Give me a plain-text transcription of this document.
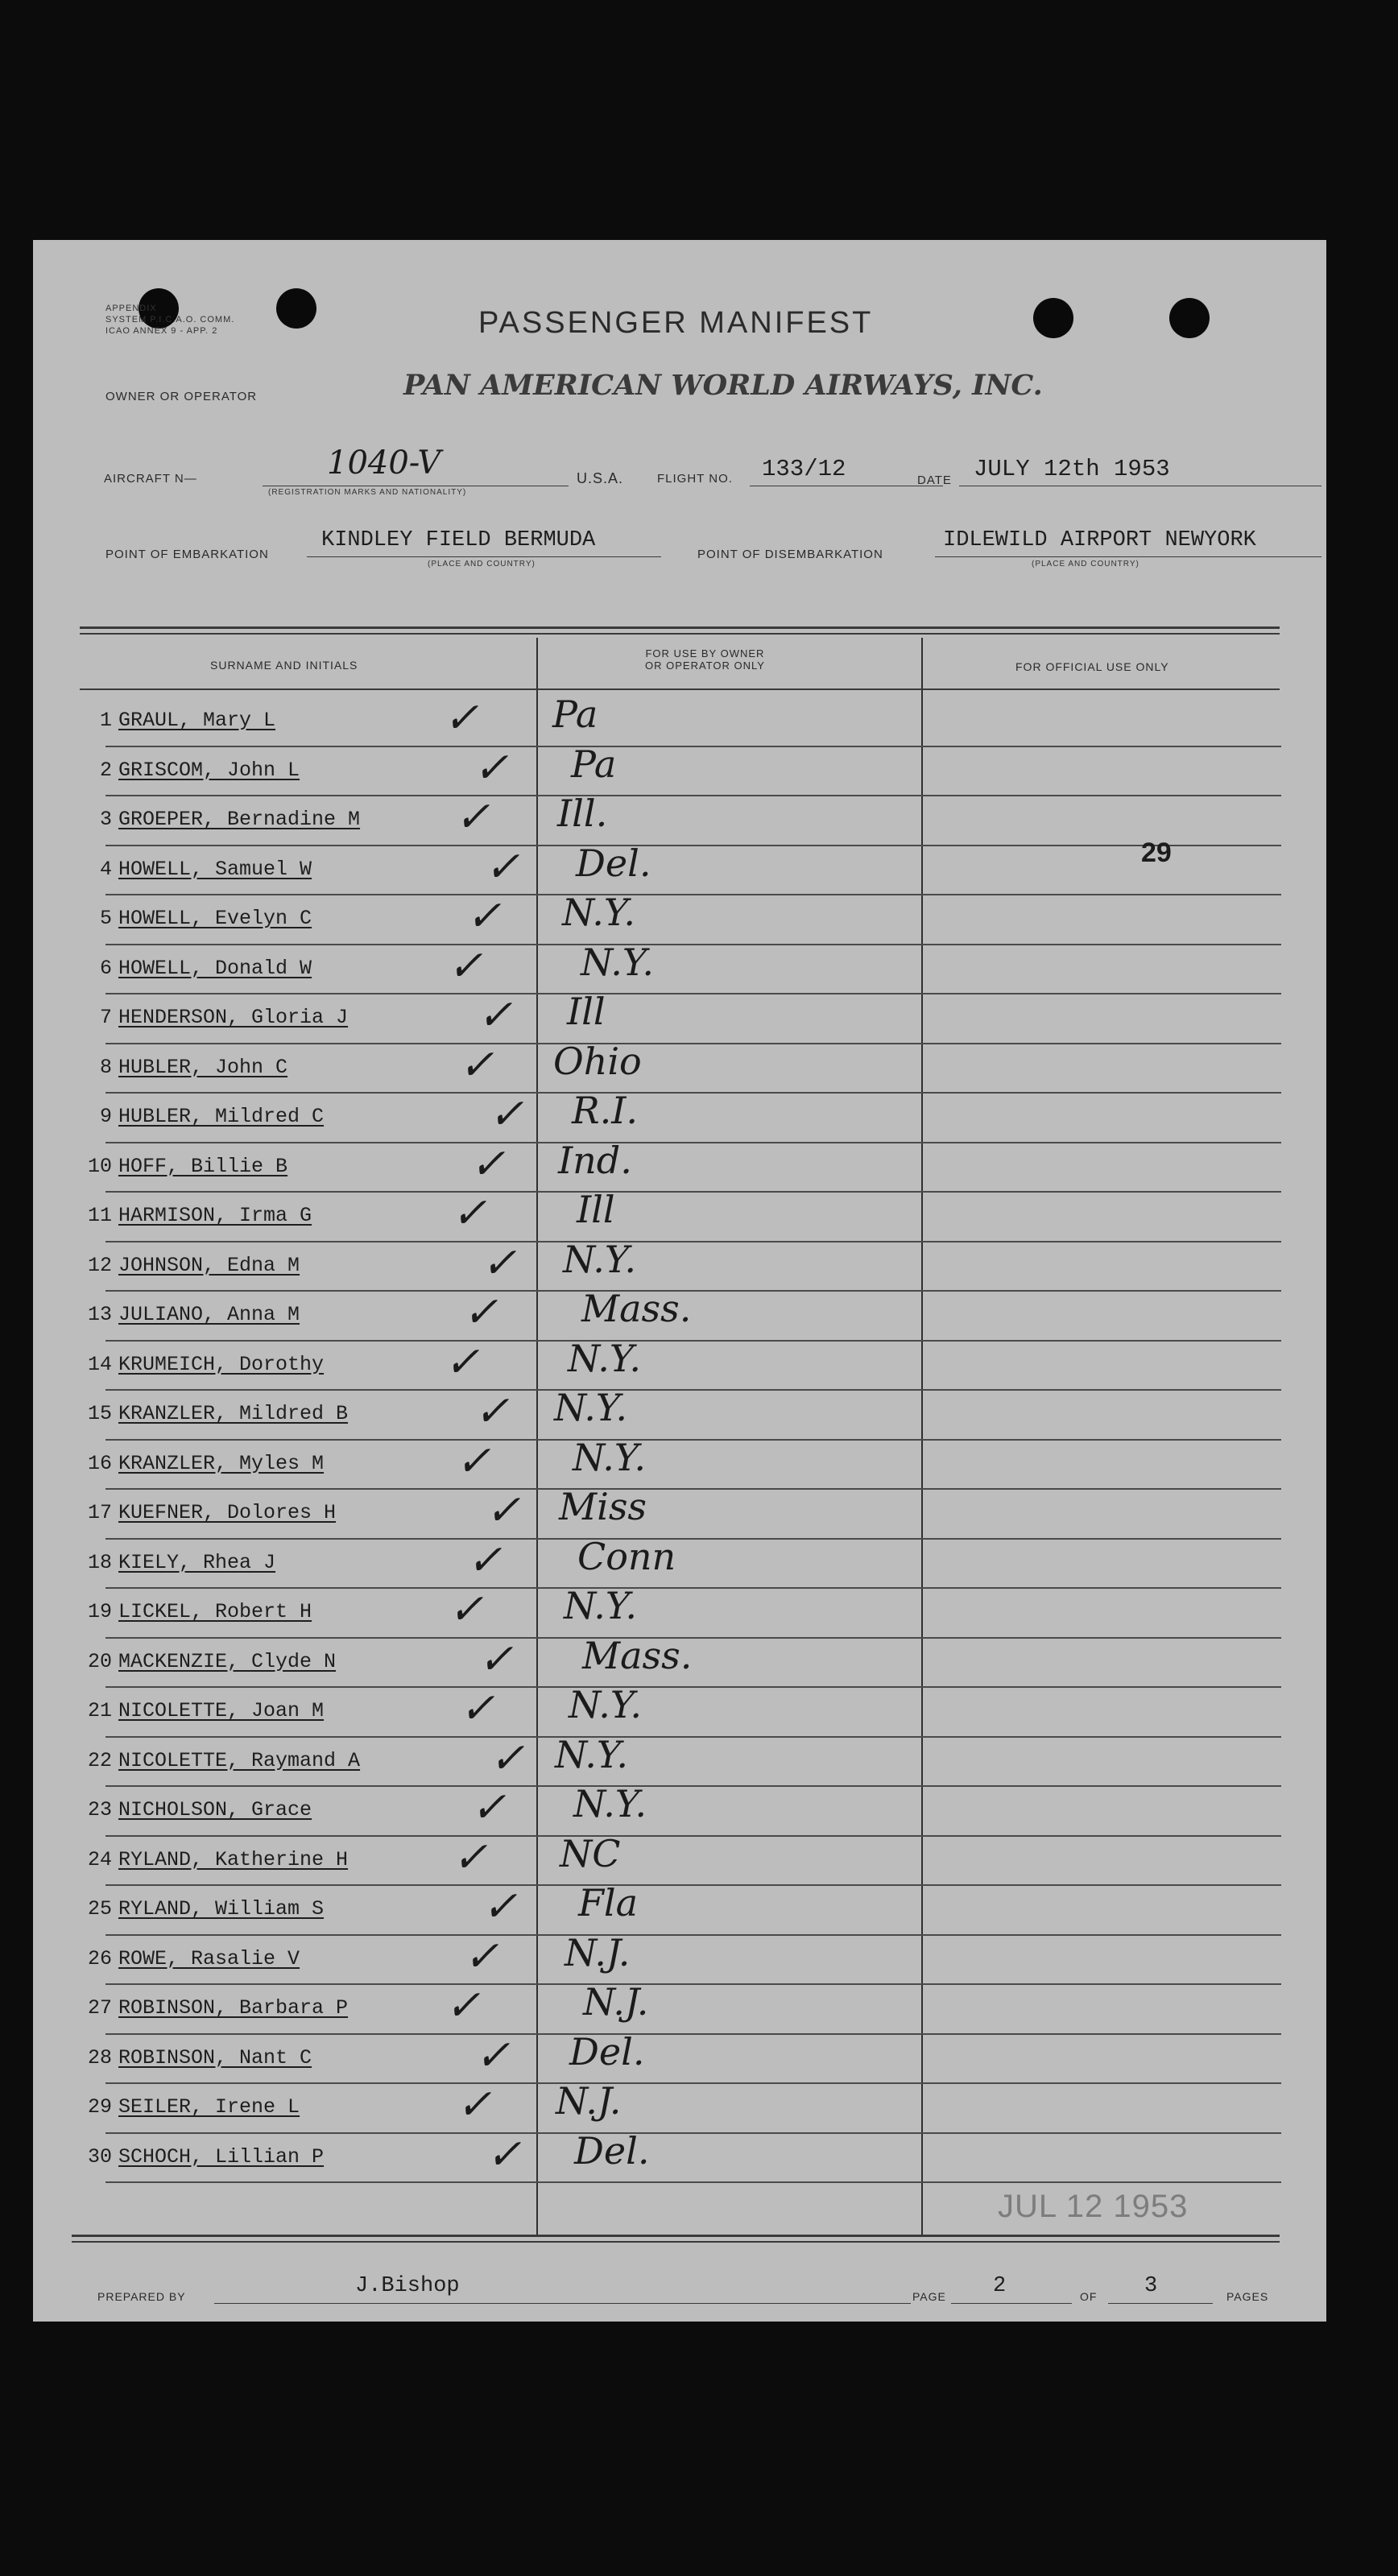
APPENDIX
SYSTEM P.I.C.A.O. COMM.
ICAO ANNEX 9 - APP. 2	PASSENGER MANIFEST
OWNER OR OPERATOR	PAN AMERICAN WORLD AIRWAYS, INC.
AIRCRAFT N—	1040-V
(REGISTRATION MARKS AND NATIONALITY)
U.S.A.	FLIGHT NO. 133/12	DATE JULY 12th 1953
POINT OF EMBARKATION
KINDLEY FIELD BERMUDA
(PLACE AND COUNTRY)
POINT OF DISEMBARKATION
IDLEWILD AIRPORT NEWYORK
(PLACE AND COUNTRY)
SURNAME AND INITIALS
FOR USE BY OWNER
OR OPERATOR ONLY	FOR OFFICIAL USE ONLY
1 GRAUL, Mary L	✓ Pa
2 GRISCOM, John L	✓ Pa
3 GROEPER, Bernadine M ✓ Ill.
4 HOWELL, Samuel W	✓ Del.
5 HOWELL, Evelyn C	✓ N.Y.
6 HOWELL, Donald W	✓	N.Y.
7 HENDERSON, Gloria J	✓ Ill
8 HUBLER, John C	✓ Ohio
9 HUBLER, Mildred C	✓ R.I.
10 HOFF, Billie B	✓ Ind.
11 HARMISON, Irma G	✓ Ill
12 JOHNSON, Edna M	✓ N.Y.
13 JULIANO, Anna M	✓ Mass.
14 KRUMEICH, Dorothy	✓ N.Y.
15 KRANZLER, Mildred B	✓ N.Y.
16 KRANZLER, Myles M	✓ N.Y.
17 KUEFNER, Dolores H	✓ Miss
18 KIELY, Rhea J	✓ Conn
19 LICKEL, Robert H	✓ N.Y.
20 MACKENZIE, Clyde N	✓ Mass.
21 NICOLETTE, Joan M	✓ N.Y.
22 NICOLETTE, Raymand A	✓ N.Y.
23 NICHOLSON, Grace	✓ N.Y.
24 RYLAND, Katherine H ✓ NC
25 RYLAND, William S	✓ Fla
26 ROWE, Rasalie V	✓ N.J.
27 ROBINSON, Barbara P ✓	N.J.
28 ROBINSON, Nant C	✓ Del.
29 SEILER, Irene L	✓ N.J.
30 SCHOCH, Lillian P	✓ Del.
29
JUL 12 1953
PREPARED BY	J.Bishop	PAGE 2	OF 3	PAGES
